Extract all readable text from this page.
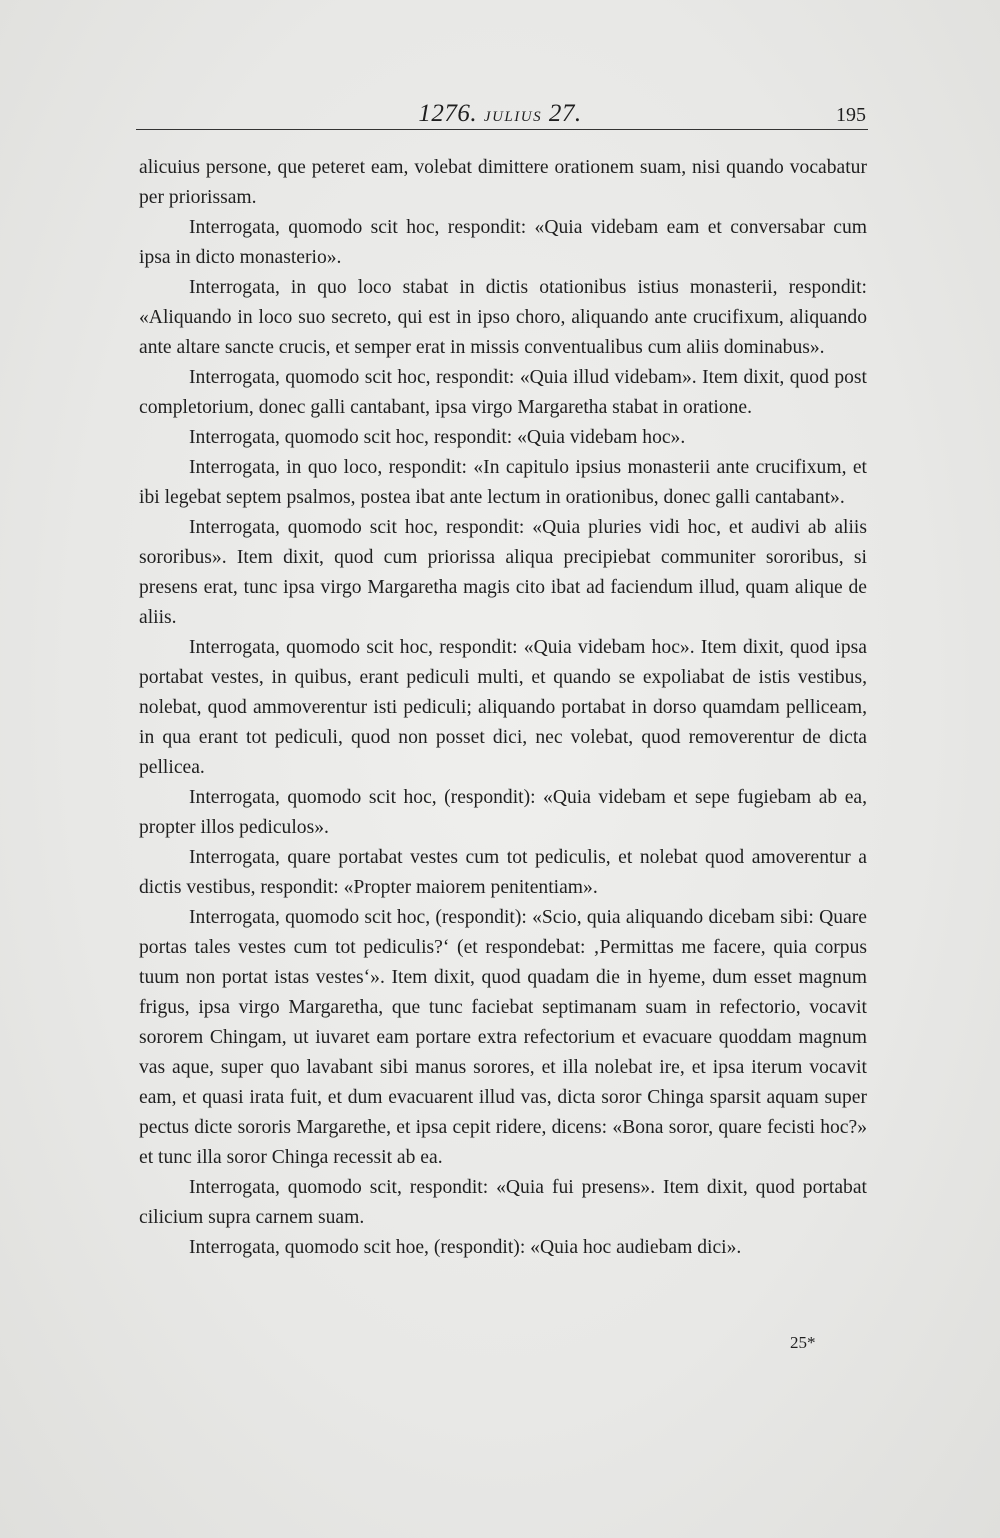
1276. JULIUS 27.	195

alicuius persone, que peteret eam, volebat dimittere orationem suam, nisi quando vocabatur per priorissam.

Interrogata, quomodo scit hoc, respondit: «Quia videbam eam et conversabar cum ipsa in dicto monasterio».

Interrogata, in quo loco stabat in dictis otationibus istius monasterii, respondit: «Aliquando in loco suo secreto, qui est in ipso choro, aliquando ante crucifixum, aliquando ante altare sancte crucis, et semper erat in missis conventualibus cum aliis dominabus».

Interrogata, quomodo scit hoc, respondit: «Quia illud videbam». Item dixit, quod post completorium, donec galli cantabant, ipsa virgo Margaretha stabat in oratione.

Interrogata, quomodo scit hoc, respondit: «Quia videbam hoc».

Interrogata, in quo loco, respondit: «In capitulo ipsius monasterii ante crucifixum, et ibi legebat septem psalmos, postea ibat ante lectum in orationibus, donec galli cantabant».

Interrogata, quomodo scit hoc, respondit: «Quia pluries vidi hoc, et audivi ab aliis sororibus». Item dixit, quod cum priorissa aliqua precipiebat communiter sororibus, si presens erat, tunc ipsa virgo Margaretha magis cito ibat ad faciendum illud, quam alique de aliis.

Interrogata, quomodo scit hoc, respondit: «Quia videbam hoc». Item dixit, quod ipsa portabat vestes, in quibus, erant pediculi multi, et quando se expoliabat de istis vestibus, nolebat, quod ammoverentur isti pediculi; aliquando portabat in dorso quamdam pelliceam, in qua erant tot pediculi, quod non posset dici, nec volebat, quod removerentur de dicta pellicea.

Interrogata, quomodo scit hoc, (respondit): «Quia videbam et sepe fugiebam ab ea, propter illos pediculos».

Interrogata, quare portabat vestes cum tot pediculis, et nolebat quod amoverentur a dictis vestibus, respondit: «Propter maiorem penitentiam».

Interrogata, quomodo scit hoc, (respondit): «Scio, quia aliquando dicebam sibi: Quare portas tales vestes cum tot pediculis?‘ (et respondebat: ‚Permittas me facere, quia corpus tuum non portat istas vestes‘». Item dixit, quod quadam die in hyeme, dum esset magnum frigus, ipsa virgo Margaretha, que tunc faciebat septimanam suam in refectorio, vocavit sororem Chingam, ut iuvaret eam portare extra refectorium et evacuare quoddam magnum vas aque, super quo lavabant sibi manus sorores, et illa nolebat ire, et ipsa iterum vocavit eam, et quasi irata fuit, et dum evacuarent illud vas, dicta soror Chinga sparsit aquam super pectus dicte sororis Margarethe, et ipsa cepit ridere, dicens: «Bona soror, quare fecisti hoc?» et tunc illa soror Chinga recessit ab ea.

Interrogata, quomodo scit, respondit: «Quia fui presens». Item dixit, quod portabat cilicium supra carnem suam.

Interrogata, quomodo scit hoe, (respondit): «Quia hoc audiebam dici».

25*
